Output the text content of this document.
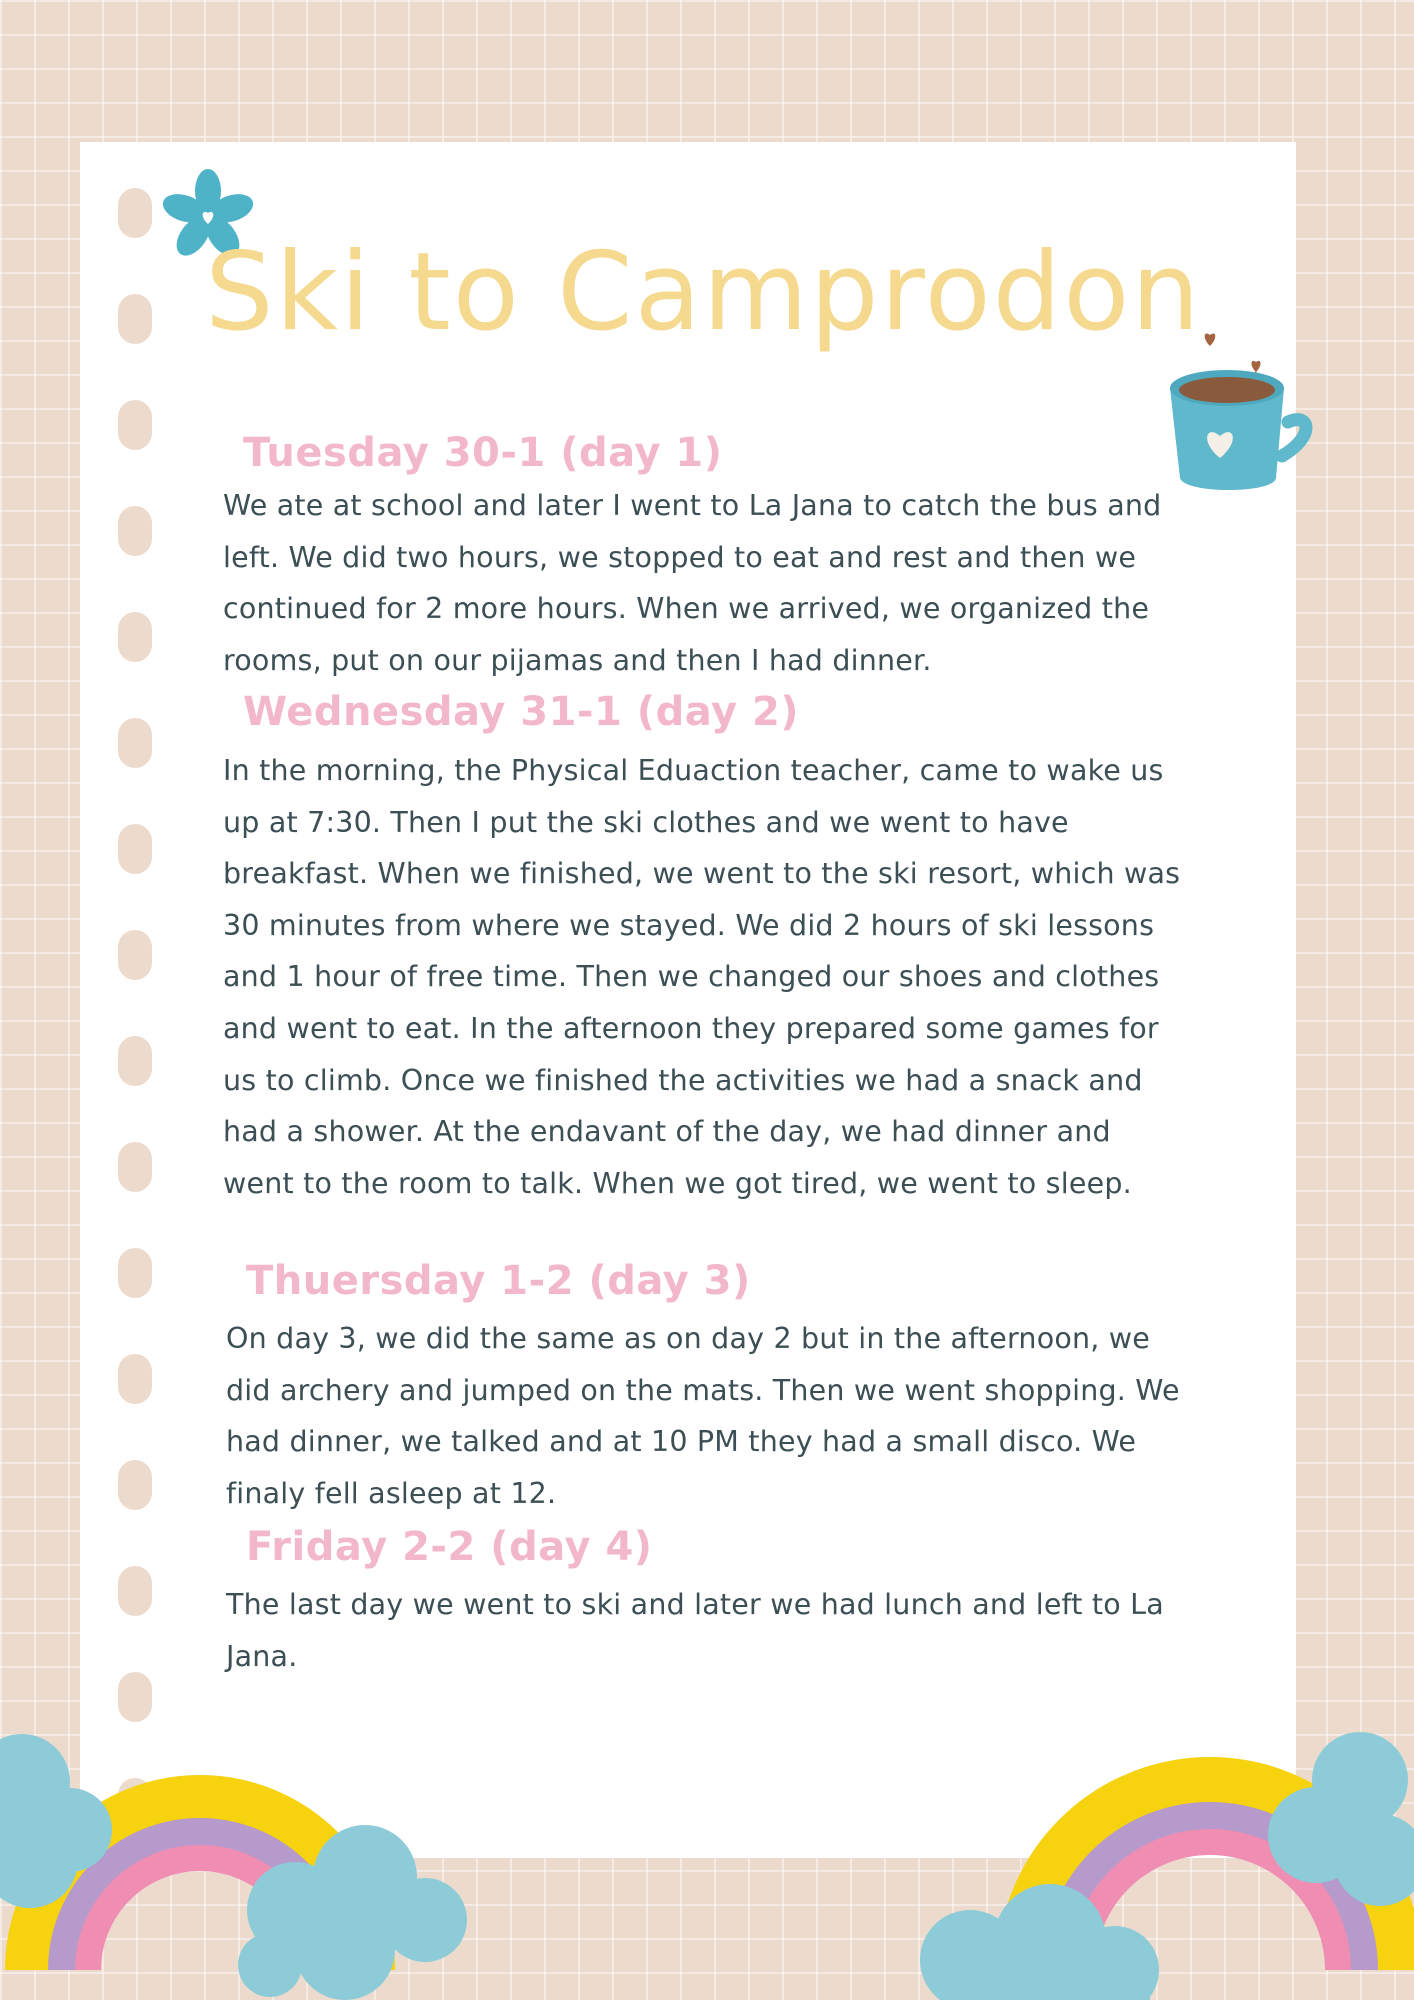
Ski to Camprodon
Tuesday 30-1 (day 1)

We ate at school and later I went to La Jana to catch the bus and left. We did two hours, we stopped to eat and rest and then we continued for 2 more hours. When we arrived, we organized the rooms, put on our pijamas and then I had dinner.

Wednesday 31-1 (day 2)

In the morning, the Physical Eduaction teacher, came to wake us up at 7:30. Then I put the ski clothes and we went to have breakfast. When we finished, we went to the ski resort, which was 30 minutes from where we stayed. We did 2 hours of ski lessons and 1 hour of free time. Then we changed our shoes and clothes and went to eat. In the afternoon they prepared some games for us to climb. Once we finished the activities we had a snack and had a shower. At the endavant of the day, we had dinner and went to the room to talk. When we got tired, we went to sleep.

Thuersday 1-2 (day 3)

On day 3, we did the same as on day 2 but in the afternoon, we did archery and jumped on the mats. Then we went shopping. We had dinner, we talked and at 10 PM they had a small disco. We finaly fell asleep at 12.

Friday 2-2 (day 4)

The last day we went to ski and later we had lunch and left to La Jana.
